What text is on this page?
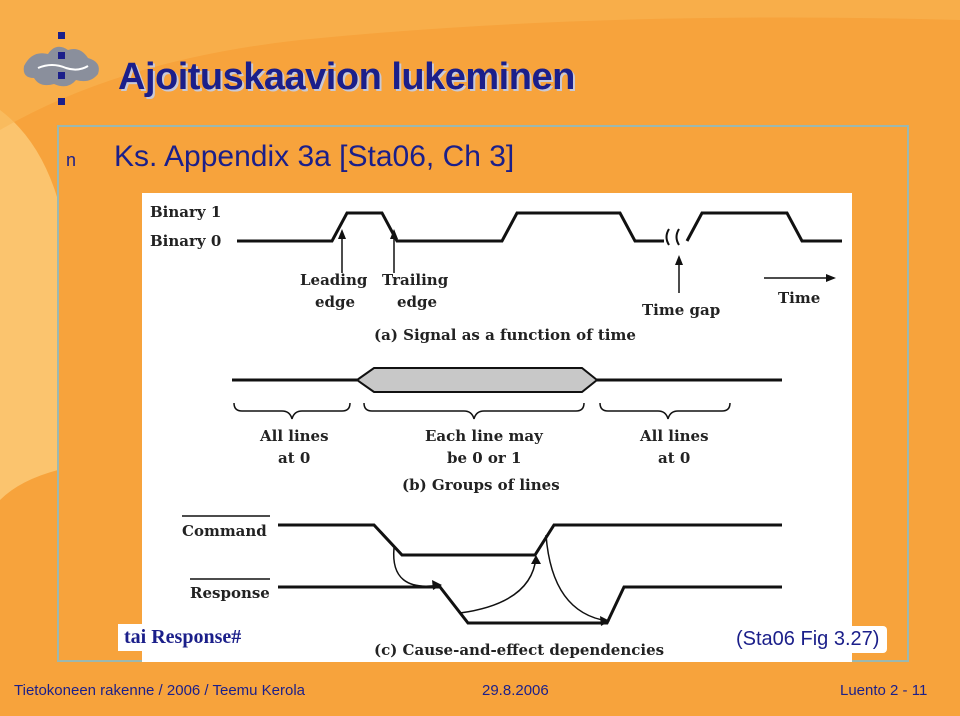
Ajoituskaavion lukeminen
n Ks. Appendix 3a [Sta06, Ch 3]
Binary 1
Binary 0
Leading
edge
Trailing
edge	Time gap
Time
(a) Signal as a function of time
All lines
at 0
Each line may
be 0 or 1
All lines
at 0
(b) Groups of lines
Command
Response
(c) Cause-and-effect dependencies
tai Response#	(Sta06 Fig 3.27)
Tietokoneen rakenne / 2006 / Teemu Kerola	29.8.2006	Luento 2 - 11
